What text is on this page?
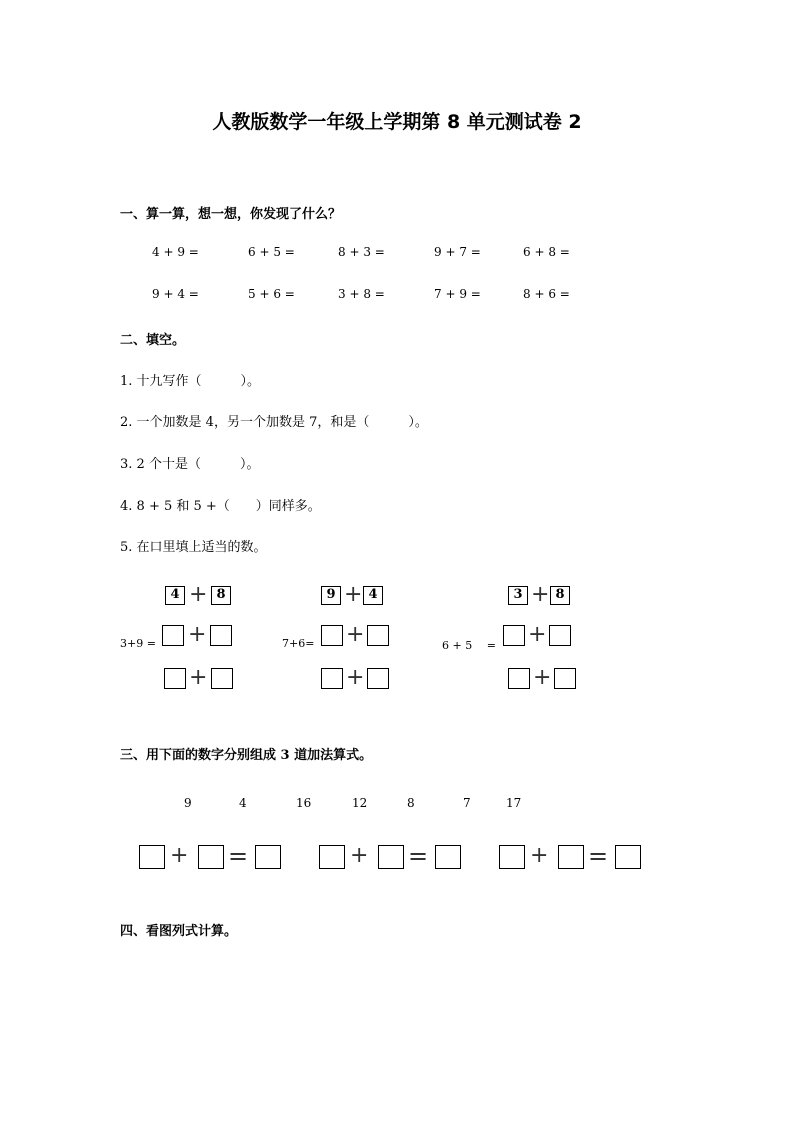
人教版数学一年级上学期第 8 单元测试卷 2
一、算一算，想一想，你发现了什么？
4 + 9 =	6 + 5 =	8 + 3 =	9 + 7 =	6 + 8 =
9 + 4 =	5 + 6 =	3 + 8 =	7 + 9 =	8 + 6 =
二、填空。
1. 十九写作（　　　）。
2. 一个加数是 4，另一个加数是 7，和是（　　　）。
3. 2 个十是（　　　）。
4. 8 + 5 和 5 +（　　）同样多。
5. 在口里填上适当的数。
4 + 8
3+9 = +
+
9 + 4
7+6= +
+
3 + 8
6 + 5 　= +
+
三、用下面的数字分别组成 3 道加法算式。
9	4	16	12	8	7	17
+ =	+ =	+ =
四、看图列式计算。
